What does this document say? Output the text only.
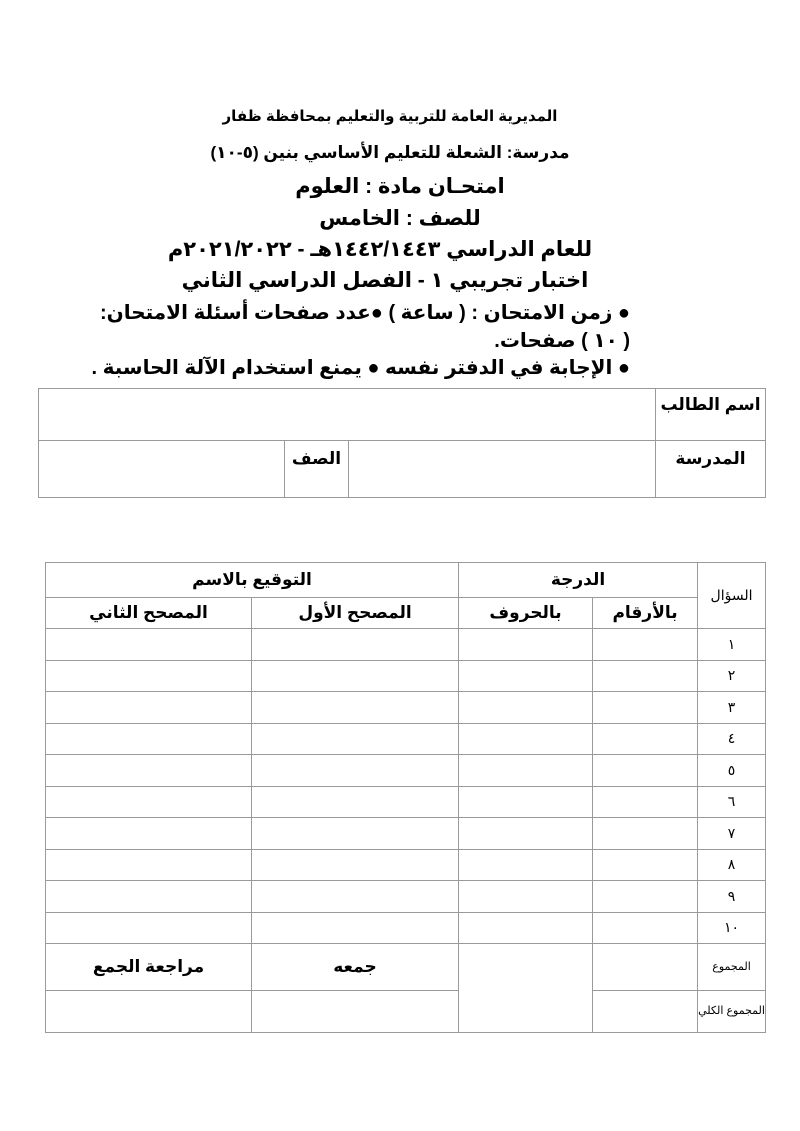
المديرية العامة للتربية والتعليم بمحافظة ظفار
مدرسة: الشعلة للتعليم الأساسي بنين (٥-١٠)
امتحـان مادة : العلوم
للصف : الخامس
للعام الدراسي ١٤٤٢/١٤٤٣هـ - ٢٠٢١/٢٠٢٢م
اختبار تجريبي ١ - الفصل الدراسي الثاني
● زمن الامتحان : ( ساعة ) ●عدد صفحات أسئلة الامتحان:
( ١٠ ) صفحات.
● الإجابة في الدفتر نفسه ● يمنع استخدام الآلة الحاسبة .
اسم الطالب			
المدرسة		الصف	
السؤال	الدرجة		التوقيع بالاسم	
	بالأرقام	بالحروف	المصحح الأول	المصحح الثاني
١				
٢				
٣				
٤				
٥				
٦				
٧				
٨				
٩				
١٠				
المجموع			جمعه	مراجعة الجمع
المجموع الكلي				
